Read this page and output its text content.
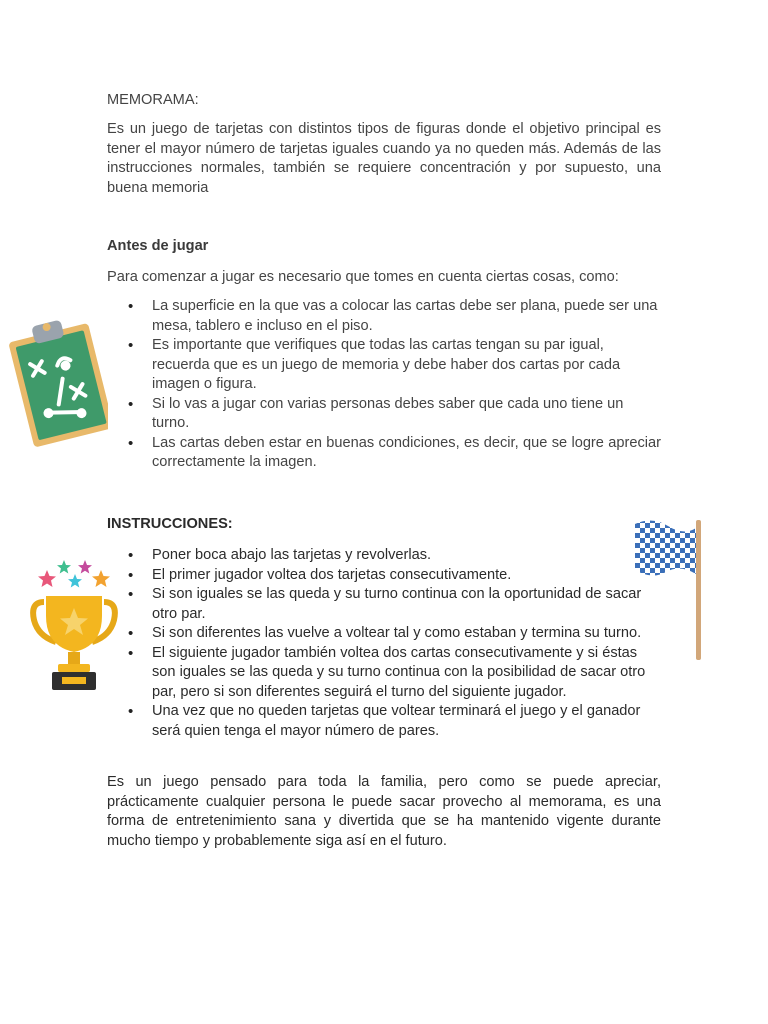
MEMORAMA:

Es un juego de tarjetas con distintos tipos de figuras donde el objetivo principal es tener el mayor número de tarjetas iguales cuando ya no queden más. Además de las instrucciones normales, también se requiere concentración y por supuesto, una buena memoria

Antes de jugar

Para comenzar a jugar es necesario que tomes en cuenta ciertas cosas, como:

• La superficie en la que vas a colocar las cartas debe ser plana, puede ser una mesa, tablero e incluso en el piso.
• Es importante que verifiques que todas las cartas tengan su par igual, recuerda que es un juego de memoria y debe haber dos cartas por cada imagen o figura.
• Si lo vas a jugar con varias personas debes saber que cada uno tiene un turno.
• Las cartas deben estar en buenas condiciones, es decir, que se logre apreciar correctamente la imagen.

INSTRUCCIONES:

• Poner boca abajo las tarjetas y revolverlas.
• El primer jugador voltea dos tarjetas consecutivamente.
• Si son iguales se las queda y su turno continua con la oportunidad de sacar otro par.
• Si son diferentes las vuelve a voltear tal y como estaban y termina su turno.
• El siguiente jugador también voltea dos cartas consecutivamente y si éstas son iguales se las queda y su turno continua con la posibilidad de sacar otro par, pero si son diferentes seguirá el turno del siguiente jugador.
• Una vez que no queden tarjetas que voltear terminará el juego y el ganador será quien tenga el mayor número de pares.

Es un juego pensado para toda la familia, pero como se puede apreciar, prácticamente cualquier persona le puede sacar provecho al memorama, es una forma de entretenimiento sana y divertida que se ha mantenido vigente durante mucho tiempo y probablemente siga así en el futuro.
